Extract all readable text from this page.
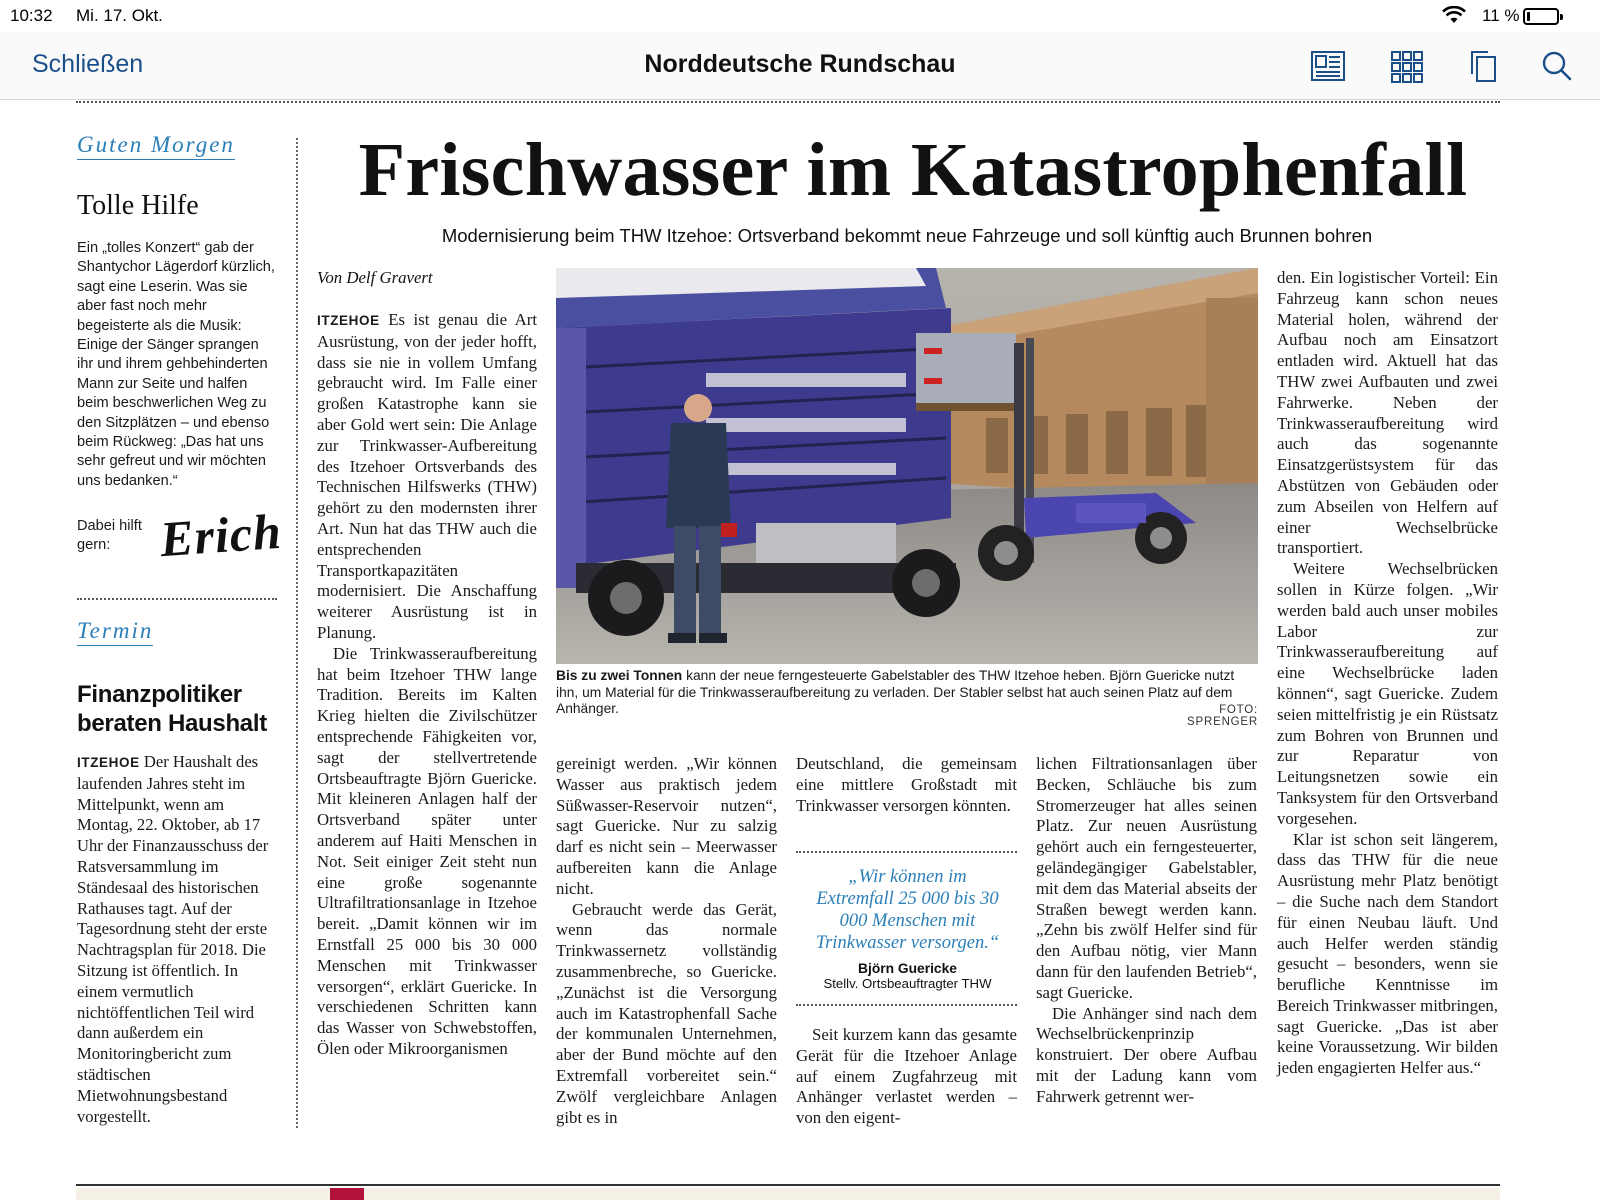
10:32 Mi. 17. Okt.	11 %
Schließen	Norddeutsche Rundschau
Guten Morgen
Tolle Hilfe
Ein „tolles Konzert“ gab der Shantychor Lägerdorf kürzlich, sagt eine Leserin. Was sie aber fast noch mehr begeisterte als die Musik: Einige der Sänger sprangen ihr und ihrem gehbehinderten Mann zur Seite und halfen beim beschwerlichen Weg zu den Sitzplätzen – und ebenso beim Rückweg: „Das hat uns sehr gefreut und wir möchten uns bedanken.“
Dabei hilft gern: Erich
Termin
Finanzpolitiker beraten Haushalt
ITZEHOE Der Haushalt des laufenden Jahres steht im Mittelpunkt, wenn am Montag, 22. Oktober, ab 17 Uhr der Finanzausschuss der Ratsversammlung im Ständesaal des historischen Rathauses tagt. Auf der Tagesordnung steht der erste Nachtragsplan für 2018. Die Sitzung ist öffentlich. In einem vermutlich nichtöffentlichen Teil wird dann außerdem ein Monitoringbericht zum städtischen Mietwohnungsbestand vorgestellt.
Frischwasser im Katastrophenfall
Modernisierung beim THW Itzehoe: Ortsverband bekommt neue Fahrzeuge und soll künftig auch Brunnen bohren
Von Delf Gravert

ITZEHOE Es ist genau die Art Ausrüstung, von der jeder hofft, dass sie nie in vollem Umfang gebraucht wird. Im Falle einer großen Katastrophe kann sie aber Gold wert sein: Die Anlage zur Trinkwasser-Aufbereitung des Itzehoer Ortsverbands des Technischen Hilfswerks (THW) gehört zu den modernsten ihrer Art. Nun hat das THW auch die entsprechenden Transportkapazitäten modernisiert. Die Anschaffung weiterer Ausrüstung ist in Planung.

Die Trinkwasseraufbereitung hat beim Itzehoer THW lange Tradition. Bereits im Kalten Krieg hielten die Zivilschützer entsprechende Fähigkeiten vor, sagt der stellvertretende Ortsbeauftragte Björn Guericke. Mit kleineren Anlagen half der Ortsverband später unter anderem auf Haiti Menschen in Not. Seit einiger Zeit steht nun eine große sogenannte Ultrafiltrationsanlage in Itzehoe bereit. „Damit können wir im Ernstfall 25 000 bis 30 000 Menschen mit Trinkwasser versorgen“, erklärt Guericke. In verschiedenen Schritten kann das Wasser von Schwebstoffen, Ölen oder Mikroorganismen

Bis zu zwei Tonnen kann der neue ferngesteuerte Gabelstabler des THW Itzehoe heben. Björn Guericke nutzt ihn, um Material für die Trinkwasseraufbereitung zu verladen. Der Stabler selbst hat auch seinen Platz auf dem Anhänger.	FOTO: SPRENGER

gereinigt werden. „Wir können Wasser aus praktisch jedem Süßwasser-Reservoir nutzen“, sagt Guericke. Nur zu salzig darf es nicht sein – Meerwasser aufbereiten kann die Anlage nicht.

Gebraucht werde das Gerät, wenn das normale Trinkwassernetz vollständig zusammenbreche, so Guericke. „Zunächst ist die Versorgung auch im Katastrophenfall Sache der kommunalen Unternehmen, aber der Bund möchte auf den Extremfall vorbereitet sein.“ Zwölf vergleichbare Anlagen gibt es in

Deutschland, die gemeinsam eine mittlere Großstadt mit Trinkwasser versorgen könnten.

„Wir können im Extremfall 25 000 bis 30 000 Menschen mit Trinkwasser versorgen.“
Björn Guericke
Stellv. Ortsbeauftragter THW

Seit kurzem kann das gesamte Gerät für die Itzehoer Anlage auf einem Zugfahrzeug mit Anhänger verlastet werden – von den eigent-

lichen Filtrationsanlagen über Becken, Schläuche bis zum Stromerzeuger hat alles seinen Platz. Zur neuen Ausrüstung gehört auch ein ferngesteuerter, geländegängiger Gabelstabler, mit dem das Material abseits der Straßen bewegt werden kann. „Zehn bis zwölf Helfer sind für den Aufbau nötig, vier Mann dann für den laufenden Betrieb“, sagt Guericke.

Die Anhänger sind nach dem Wechselbrückenprinzip konstruiert. Der obere Aufbau mit der Ladung kann vom Fahrwerk getrennt wer-

den. Ein logistischer Vorteil: Ein Fahrzeug kann schon neues Material holen, während der Aufbau noch am Einsatzort entladen wird. Aktuell hat das THW zwei Aufbauten und zwei Fahrwerke. Neben der Trinkwasseraufbereitung wird auch das sogenannte Einsatzgerüstsystem für das Abstützen von Gebäuden oder zum Abseilen von Helfern auf einer Wechselbrücke transportiert.

Weitere Wechselbrücken sollen in Kürze folgen. „Wir werden bald auch unser mobiles Labor zur Trinkwasseraufbereitung auf eine Wechselbrücke laden können“, sagt Guericke. Zudem seien mittelfristig je ein Rüstsatz zum Bohren von Brunnen und zur Reparatur von Leitungsnetzen sowie ein Tanksystem für den Ortsverband vorgesehen.

Klar ist schon seit längerem, dass das THW für die neue Ausrüstung mehr Platz benötigt – die Suche nach dem Standort für einen Neubau läuft. Und auch Helfer werden ständig gesucht – besonders, wenn sie berufliche Kenntnisse im Bereich Trinkwasser mitbringen, sagt Guericke. „Das ist aber keine Voraussetzung. Wir bilden jeden engagierten Helfer aus.“
